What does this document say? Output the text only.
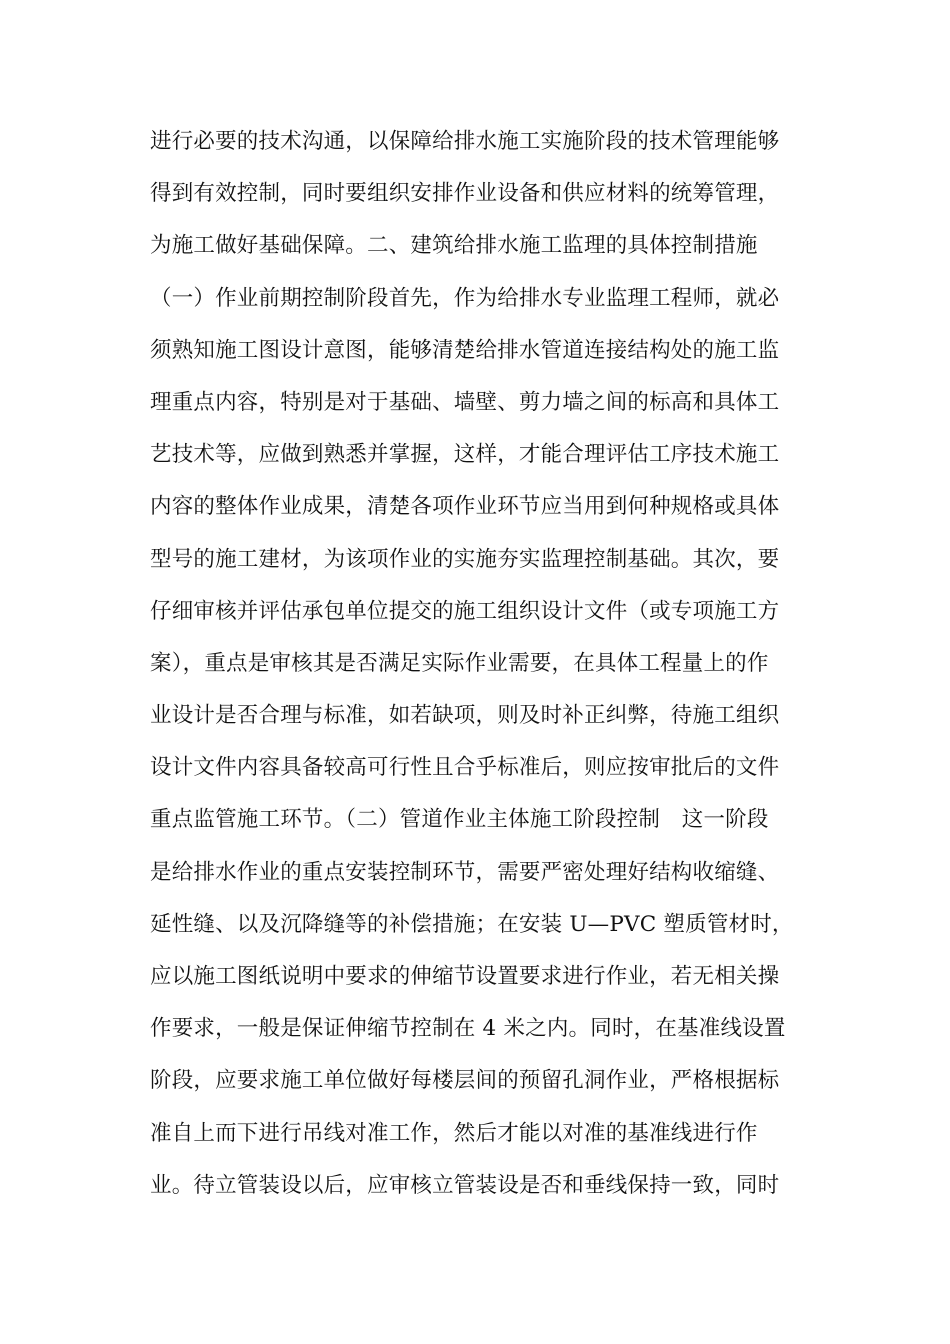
进行必要的技术沟通，以保障给排水施工实施阶段的技术管理能够
得到有效控制，同时要组织安排作业设备和供应材料的统筹管理，
为施工做好基础保障。二、建筑给排水施工监理的具体控制措施
（一）作业前期控制阶段首先，作为给排水专业监理工程师，就必
须熟知施工图设计意图，能够清楚给排水管道连接结构处的施工监
理重点内容，特别是对于基础、墙壁、剪力墙之间的标高和具体工
艺技术等，应做到熟悉并掌握，这样，才能合理评估工序技术施工
内容的整体作业成果，清楚各项作业环节应当用到何种规格或具体
型号的施工建材，为该项作业的实施夯实监理控制基础。其次，要
仔细审核并评估承包单位提交的施工组织设计文件（或专项施工方
案），重点是审核其是否满足实际作业需要，在具体工程量上的作
业设计是否合理与标准，如若缺项，则及时补正纠弊，待施工组织
设计文件内容具备较高可行性且合乎标准后，则应按审批后的文件
重点监管施工环节。（二）管道作业主体施工阶段控制　这一阶段
是给排水作业的重点安装控制环节，需要严密处理好结构收缩缝、
延性缝、以及沉降缝等的补偿措施；在安装 U—PVC 塑质管材时，
应以施工图纸说明中要求的伸缩节设置要求进行作业，若无相关操
作要求，一般是保证伸缩节控制在 4 米之内。同时，在基准线设置
阶段，应要求施工单位做好每楼层间的预留孔洞作业，严格根据标
准自上而下进行吊线对准工作，然后才能以对准的基准线进行作
业。待立管装设以后，应审核立管装设是否和垂线保持一致，同时
